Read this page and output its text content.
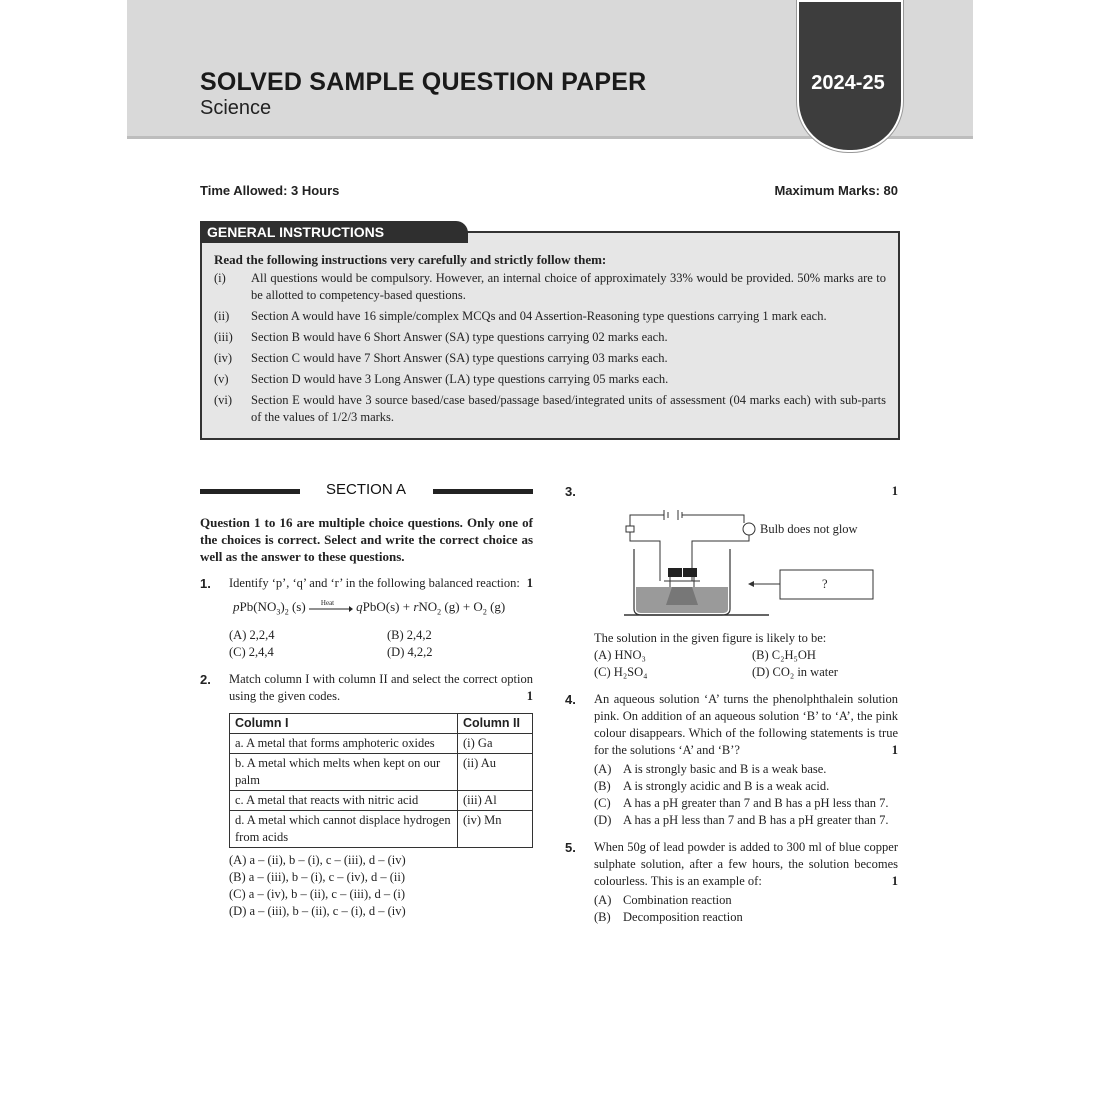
SOLVED SAMPLE QUESTION PAPER
Science
2024-25
Time Allowed: 3 Hours	Maximum Marks: 80
GENERAL INSTRUCTIONS
Read the following instructions very carefully and strictly follow them:
(i)	All questions would be compulsory. However, an internal choice of approximately 33% would be provided. 50% marks are to be allotted to competency-based questions.
(ii)	Section A would have 16 simple/complex MCQs and 04 Assertion-Reasoning type questions carrying 1 mark each.
(iii)	Section B would have 6 Short Answer (SA) type questions carrying 02 marks each.
(iv)	Section C would have 7 Short Answer (SA) type questions carrying 03 marks each.
(v)	Section D would have 3 Long Answer (LA) type questions carrying 05 marks each.
(vi)	Section E would have 3 source based/case based/passage based/integrated units of assessment (04 marks each) with sub-parts of the values of 1/2/3 marks.
SECTION A
Question 1 to 16 are multiple choice questions. Only one of the choices is correct. Select and write the correct choice as well as the answer to these questions.
1.	Identify ‘p’, ‘q’ and ‘r’ in the following balanced reaction: 1
$pPb(NO_3)_2$ (s) Heat qPbO(s) + rNO$_2$ $(g) + O_2$ (g)
(A) 2,2,4	(B) 2,4,2
(C) 2,4,4	(D) 4,2,2
2.	Match column I with column II and select the correct option using the given codes.	1
Column I	Column II
a. A metal that forms amphoteric oxides	(i) Ga
b. A metal which melts when kept on our palm	(ii) Au
c. A metal that reacts with nitric acid	(iii) Al
d. A metal which cannot displace hydrogen from acids	(iv) Mn
(A) a – (ii), b – (i), c – (iii), d – (iv)
(B) a – (iii), b – (i), c – (iv), d – (ii)
(C) a – (iv), b – (ii), c – (iii), d – (i)
(D) a – (iii), b – (ii), c – (i), d – (iv)
3.	1
Bulb does not glow
?
The solution in the given figure is likely to be:
(A) HNO₃	(B) C₂H₅OH
(C) H₂SO₄	(D) CO₂ in water
4.	An aqueous solution ‘A’ turns the phenolphthalein solution pink. On addition of an aqueous solution ‘B’ to ‘A’, the pink colour disappears. Which of the following statements is true for the solutions ‘A’ and ‘B’?	1
(A) A is strongly basic and B is a weak base.
(B) A is strongly acidic and B is a weak acid.
(C) A has a pH greater than 7 and B has a pH less than 7.
(D) A has a pH less than 7 and B has a pH greater than 7.
5.	When 50g of lead powder is added to 300 ml of blue copper sulphate solution, after a few hours, the solution becomes colourless. This is an example of:	1
(A) Combination reaction
(B) Decomposition reaction
